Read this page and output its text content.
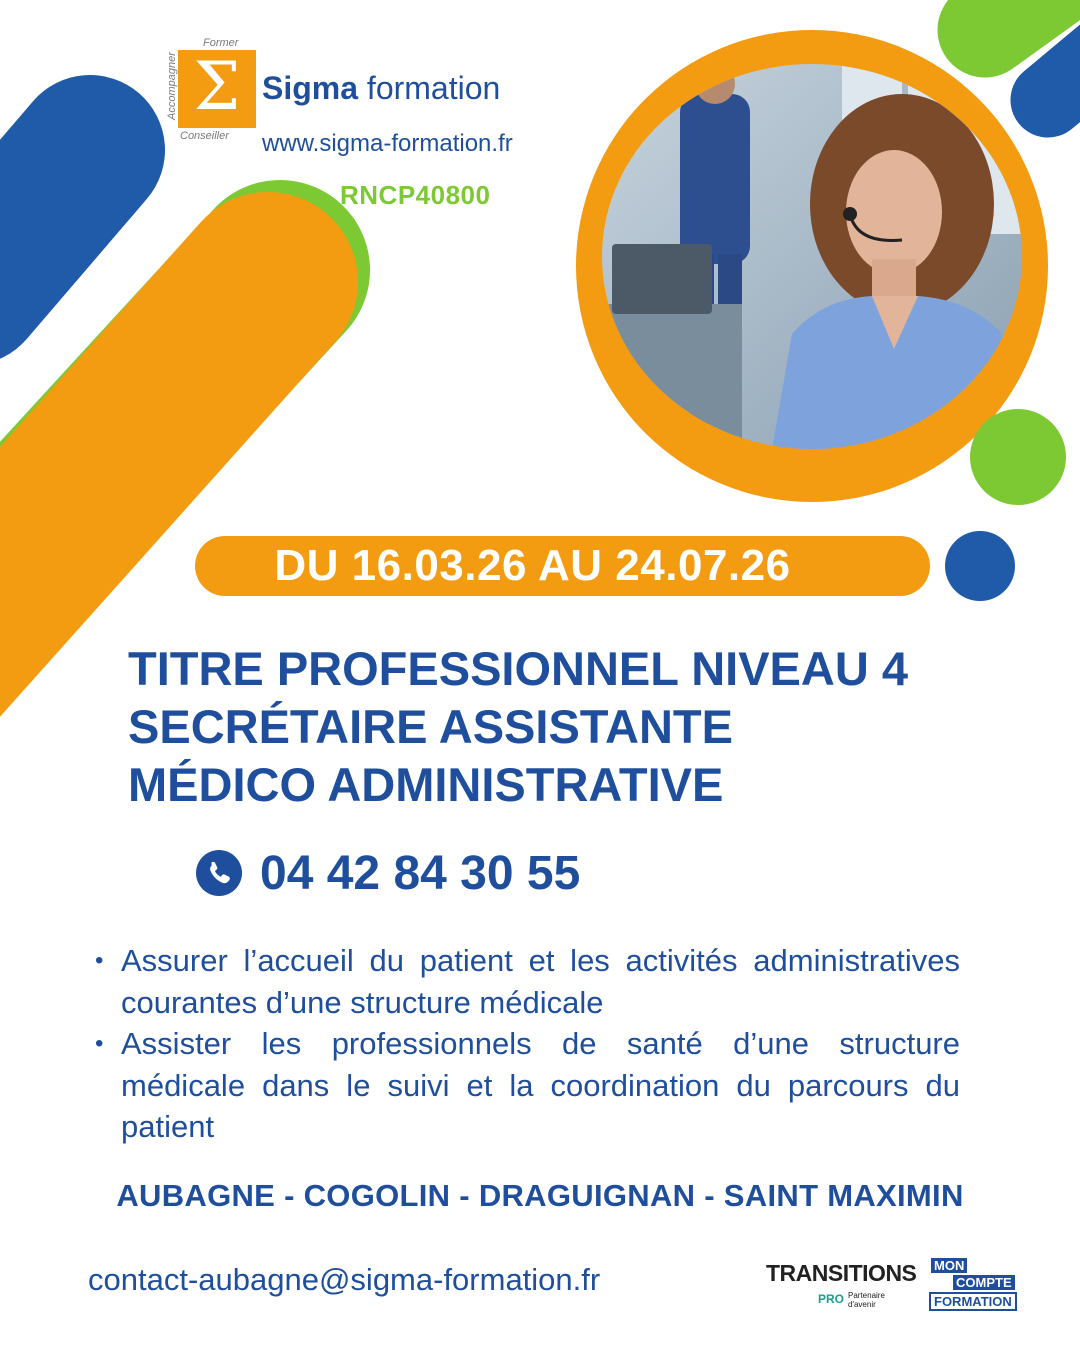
Former
Accompagner Σ
Conseiller
Sigma formation
www.sigma-formation.fr
RNCP40800
DU 16.03.26 AU 24.07.26
TITRE PROFESSIONNEL NIVEAU 4
SECRÉTAIRE ASSISTANTE
MÉDICO ADMINISTRATIVE
04 42 84 30 55
• Assurer l’accueil du patient et les activités administratives courantes d’une structure médicale
• Assister les professionnels de santé d’une structure médicale dans le suivi et la coordination du parcours du patient
AUBAGNE - COGOLIN - DRAGUIGNAN - SAINT MAXIMIN
contact-aubagne@sigma-formation.fr	TRANSITIONS
PRO Partenaire d'avenir
MON
COMPTE
FORMATION
